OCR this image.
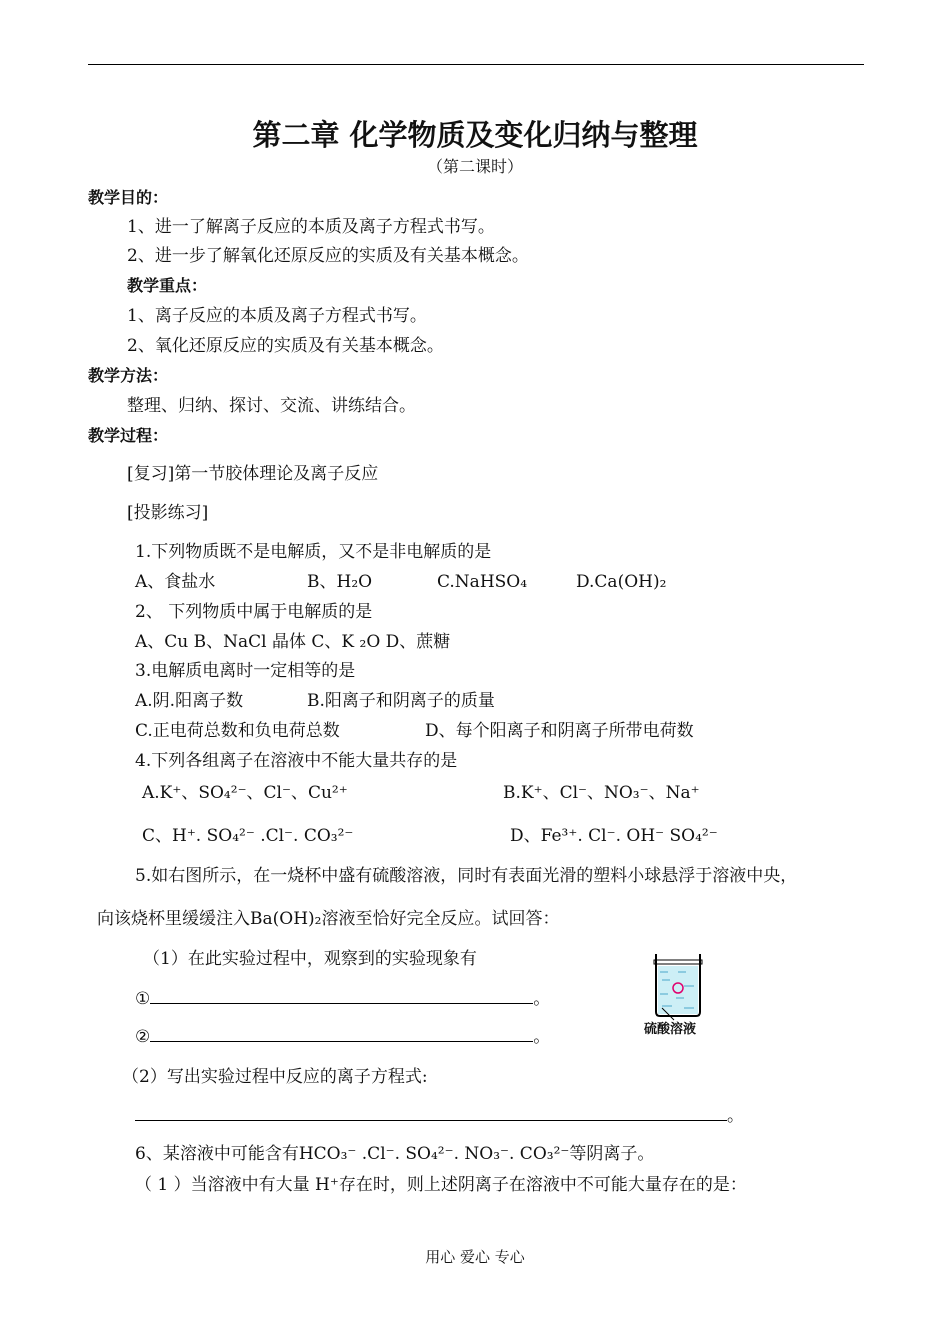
第二章 化学物质及变化归纳与整理
（第二课时）
教学目的：
1、进一了解离子反应的本质及离子方程式书写。
2、进一步了解氧化还原反应的实质及有关基本概念。
教学重点：
1、离子反应的本质及离子方程式书写。
2、氧化还原反应的实质及有关基本概念。
教学方法：
整理、归纳、探讨、交流、讲练结合。
教学过程：
[复习]第一节胶体理论及离子反应
[投影练习]
1.下列物质既不是电解质，又不是非电解质的是
A、食盐水	B、H₂O	C.NaHSO₄	D.Ca(OH)₂
2、 下列物质中属于电解质的是
A、Cu B、NaCl 晶体 C、K ₂O D、蔗糖
3.电解质电离时一定相等的是
A.阴.阳离子数	B.阳离子和阴离子的质量
C.正电荷总数和负电荷总数	D、每个阳离子和阴离子所带电荷数
4.下列各组离子在溶液中不能大量共存的是
A.K⁺、SO₄²⁻、Cl⁻、Cu²⁺	B.K⁺、Cl⁻、NO₃⁻、Na⁺
C、H⁺. SO₄²⁻ .Cl⁻. CO₃²⁻	D、Fe³⁺. Cl⁻. OH⁻ SO₄²⁻
5.如右图所示，在一烧杯中盛有硫酸溶液，同时有表面光滑的塑料小球悬浮于溶液中央，
向该烧杯里缓缓注入Ba(OH)₂溶液至恰好完全反应。试回答：
（1）在此实验过程中，观察到的实验现象有
①	。
②	。	硫酸溶液
（2）写出实验过程中反应的离子方程式:
。
6、某溶液中可能含有HCO₃⁻ .Cl⁻. SO₄²⁻. NO₃⁻. CO₃²⁻等阴离子。
（ 1 ）当溶液中有大量 H⁺存在时，则上述阴离子在溶液中不可能大量存在的是：
用心 爱心 专心
